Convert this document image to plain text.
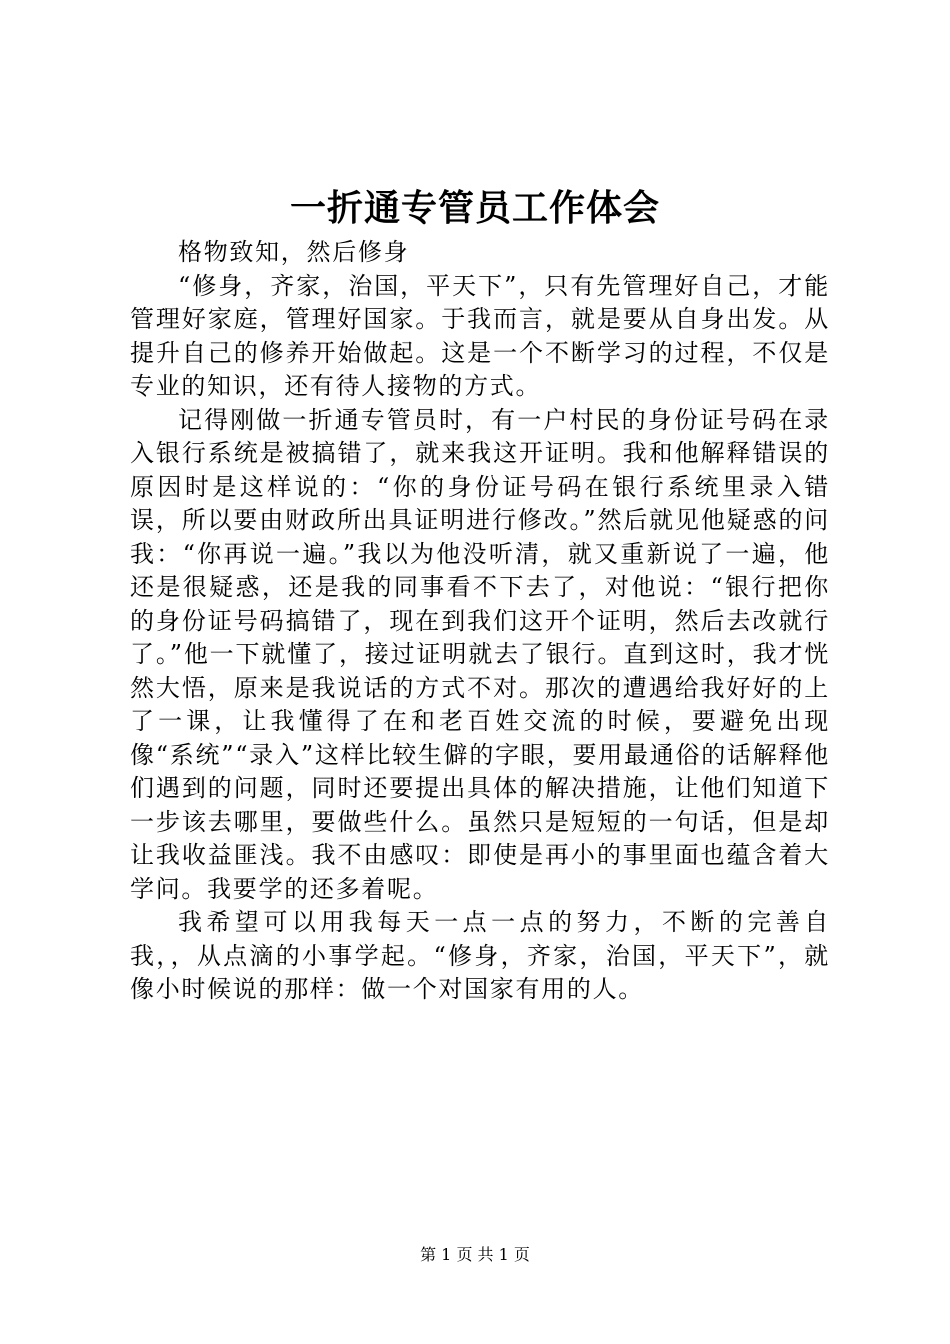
一折通专管员工作体会

格物致知，然后修身

“修身，齐家，治国，平天下”，只有先管理好自己，才能管理好家庭，管理好国家。于我而言，就是要从自身出发。从提升自己的修养开始做起。这是一个不断学习的过程，不仅是专业的知识，还有待人接物的方式。

记得刚做一折通专管员时，有一户村民的身份证号码在录入银行系统是被搞错了，就来我这开证明。我和他解释错误的原因时是这样说的：“你的身份证号码在银行系统里录入错误，所以要由财政所出具证明进行修改。”然后就见他疑惑的问我：“你再说一遍。”我以为他没听清，就又重新说了一遍，他还是很疑惑，还是我的同事看不下去了，对他说：“银行把你的身份证号码搞错了，现在到我们这开个证明，然后去改就行了。”他一下就懂了，接过证明就去了银行。直到这时，我才恍然大悟，原来是我说话的方式不对。那次的遭遇给我好好的上了一课，让我懂得了在和老百姓交流的时候，要避免出现像“系统”“录入”这样比较生僻的字眼，要用最通俗的话解释他们遇到的问题，同时还要提出具体的解决措施，让他们知道下一步该去哪里，要做些什么。虽然只是短短的一句话，但是却让我收益匪浅。我不由感叹：即使是再小的事里面也蕴含着大学问。我要学的还多着呢。

我希望可以用我每天一点一点的努力，不断的完善自我，，从点滴的小事学起。“修身，齐家，治国，平天下”，就像小时候说的那样：做一个对国家有用的人。

第 1 页 共 1 页
